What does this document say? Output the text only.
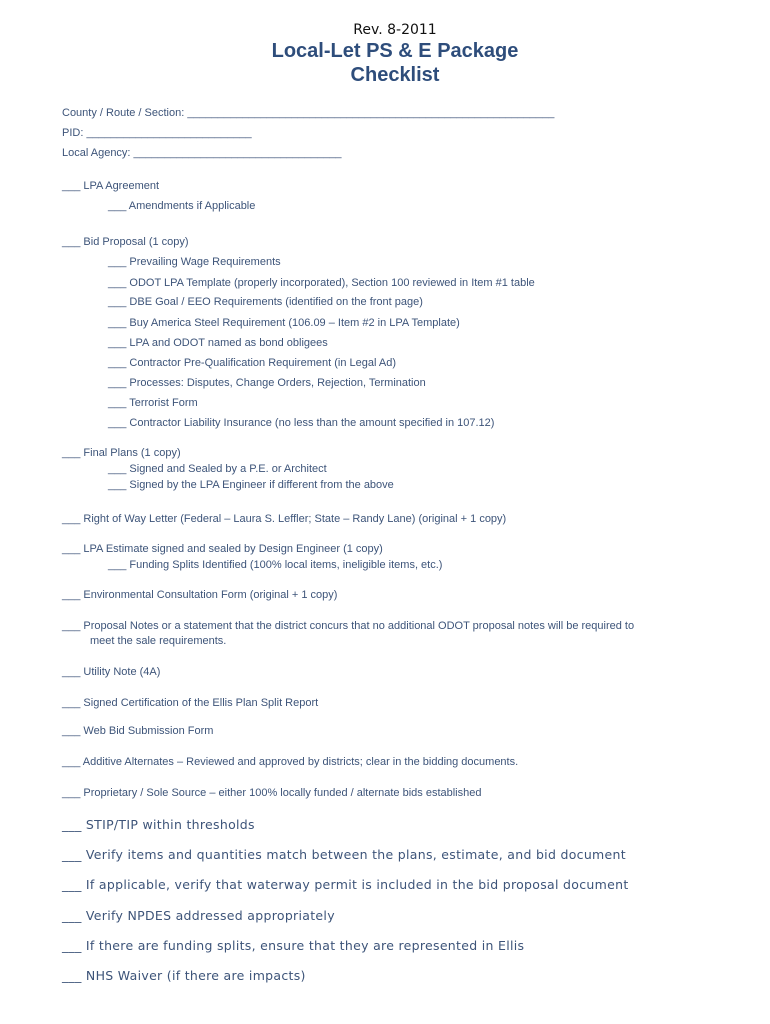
Rev. 8-2011
Local-Let PS & E Package
Checklist
County / Route / Section: ____________________________________________________________
PID: ___________________________
Local Agency: __________________________________
___ LPA Agreement
___ Amendments if Applicable
___ Bid Proposal (1 copy)
___ Prevailing Wage Requirements
___ ODOT LPA Template (properly incorporated), Section 100 reviewed in Item #1 table
___ DBE Goal / EEO Requirements (identified on the front page)
___ Buy America Steel Requirement (106.09 – Item #2 in LPA Template)
___ LPA and ODOT named as bond obligees
___ Contractor Pre-Qualification Requirement (in Legal Ad)
___ Processes: Disputes, Change Orders, Rejection, Termination
___ Terrorist Form
___ Contractor Liability Insurance (no less than the amount specified in 107.12)
___ Final Plans (1 copy)
___ Signed and Sealed by a P.E. or Architect
___ Signed by the LPA Engineer if different from the above
___ Right of Way Letter (Federal – Laura S. Leffler; State – Randy Lane) (original + 1 copy)
___ LPA Estimate signed and sealed by Design Engineer (1 copy)
___ Funding Splits Identified (100% local items, ineligible items, etc.)
___ Environmental Consultation Form (original + 1 copy)
___ Proposal Notes or a statement that the district concurs that no additional ODOT proposal notes will be required to
meet the sale requirements.
___ Utility Note (4A)
___ Signed Certification of the Ellis Plan Split Report
___ Web Bid Submission Form
___ Additive Alternates – Reviewed and approved by districts; clear in the bidding documents.
___ Proprietary / Sole Source – either 100% locally funded / alternate bids established
___ STIP/TIP within thresholds
___ Verify items and quantities match between the plans, estimate, and bid document
___ If applicable, verify that waterway permit is included in the bid proposal document
___ Verify NPDES addressed appropriately
___ If there are funding splits, ensure that they are represented in Ellis
___ NHS Waiver (if there are impacts)
